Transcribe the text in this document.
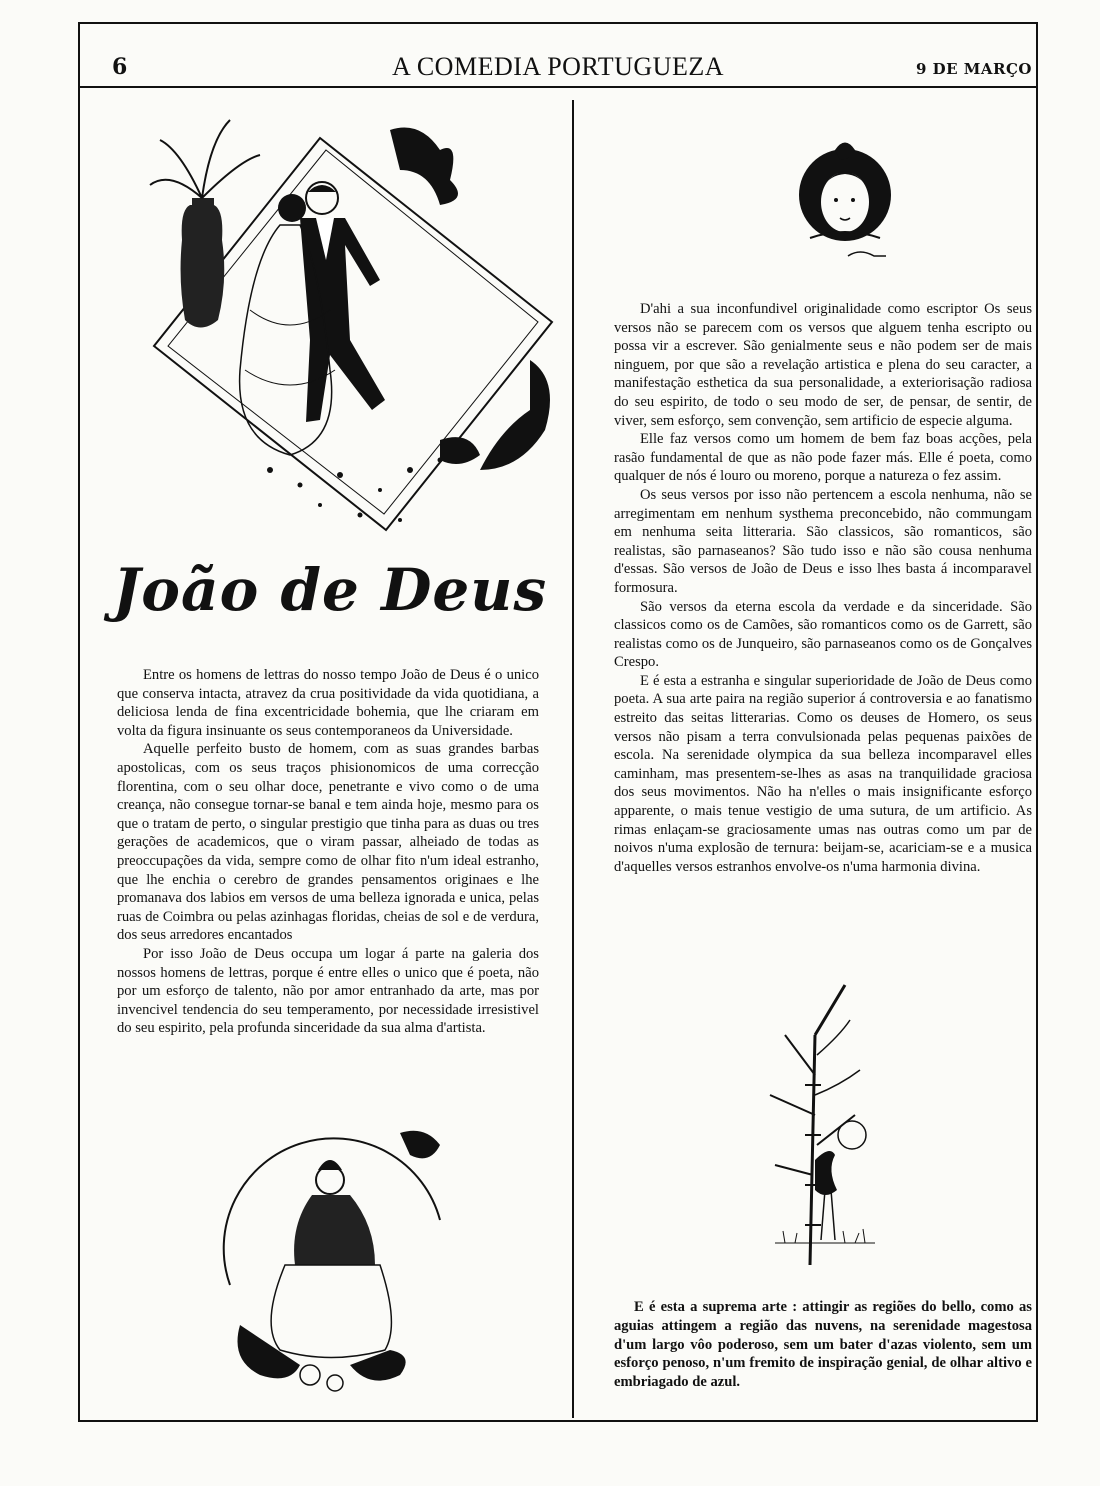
6	A COMEDIA PORTUGUEZA	9 DE MARÇO
João de Deus

Entre os homens de lettras do nosso tempo João de Deus é o unico que conserva intacta, atravez da crua positividade da vida quotidiana, a deliciosa lenda de fina excentricidade bohemia, que lhe criaram em volta da figura insinuante os seus contemporaneos da Universidade.

Aquelle perfeito busto de homem, com as suas grandes barbas apostolicas, com os seus traços phisionomicos de uma correcção florentina, com o seu olhar doce, penetrante e vivo como o de uma creança, não consegue tornar-se banal e tem ainda hoje, mesmo para os que o tratam de perto, o singular prestigio que tinha para as duas ou tres gerações de academicos, que o viram passar, alheiado de todas as preoccupações da vida, sempre como de olhar fito n'um ideal estranho, que lhe enchia o cerebro de grandes pensamentos originaes e lhe promanava dos labios em versos de uma belleza ignorada e unica, pelas ruas de Coimbra ou pelas azinhagas floridas, cheias de sol e de verdura, dos seus arredores encantados

Por isso João de Deus occupa um logar á parte na galeria dos nossos homens de lettras, porque é entre elles o unico que é poeta, não por um esforço de talento, não por amor entranhado da arte, mas por invencivel tendencia do seu temperamento, por necessidade irresistivel do seu espirito, pela profunda sinceridade da sua alma d'artista.

D'ahi a sua inconfundivel originalidade como escriptor Os seus versos não se parecem com os versos que alguem tenha escripto ou possa vir a escrever. São genialmente seus e não podem ser de mais ninguem, por que são a revelação artistica e plena do seu caracter, a manifestação esthetica da sua personalidade, a exteriorisação radiosa do seu espirito, de todo o seu modo de ser, de pensar, de sentir, de viver, sem esforço, sem convenção, sem artificio de especie alguma.

Elle faz versos como um homem de bem faz boas acções, pela rasão fundamental de que as não pode fazer más. Elle é poeta, como qualquer de nós é louro ou moreno, porque a natureza o fez assim.

Os seus versos por isso não pertencem a escola nenhuma, não se arregimentam em nenhum systhema preconcebido, não commungam em nenhuma seita litteraria. São classicos, são romanticos, são realistas, são parnaseanos? São tudo isso e não são cousa nenhuma d'essas. São versos de João de Deus e isso lhes basta á incomparavel formosura.

São versos da eterna escola da verdade e da sinceridade. São classicos como os de Camões, são romanticos como os de Garrett, são realistas como os de Junqueiro, são parnaseanos como os de Gonçalves Crespo.

E é esta a estranha e singular superioridade de João de Deus como poeta. A sua arte paira na região superior á controversia e ao fanatismo estreito das seitas litterarias. Como os deuses de Homero, os seus versos não pisam a terra convulsionada pelas pequenas paixões de escola. Na serenidade olympica da sua belleza incomparavel elles caminham, mas presentem-se-lhes as asas na tranquilidade graciosa dos seus movimentos. Não ha n'elles o mais insignificante esforço apparente, o mais tenue vestigio de uma sutura, de um artificio. As rimas enlaçam-se graciosamente umas nas outras como um par de noivos n'uma explosão de ternura: beijam-se, acariciam-se e a musica d'aquelles versos estranhos envolve-os n'uma harmonia divina.

E é esta a suprema arte : attingir as regiões do bello, como as aguias attingem a região das nuvens, na serenidade magestosa d'um largo vôo poderoso, sem um bater d'azas violento, sem um esforço penoso, n'um fremito de inspiração genial, de olhar altivo e embriagado de azul.
